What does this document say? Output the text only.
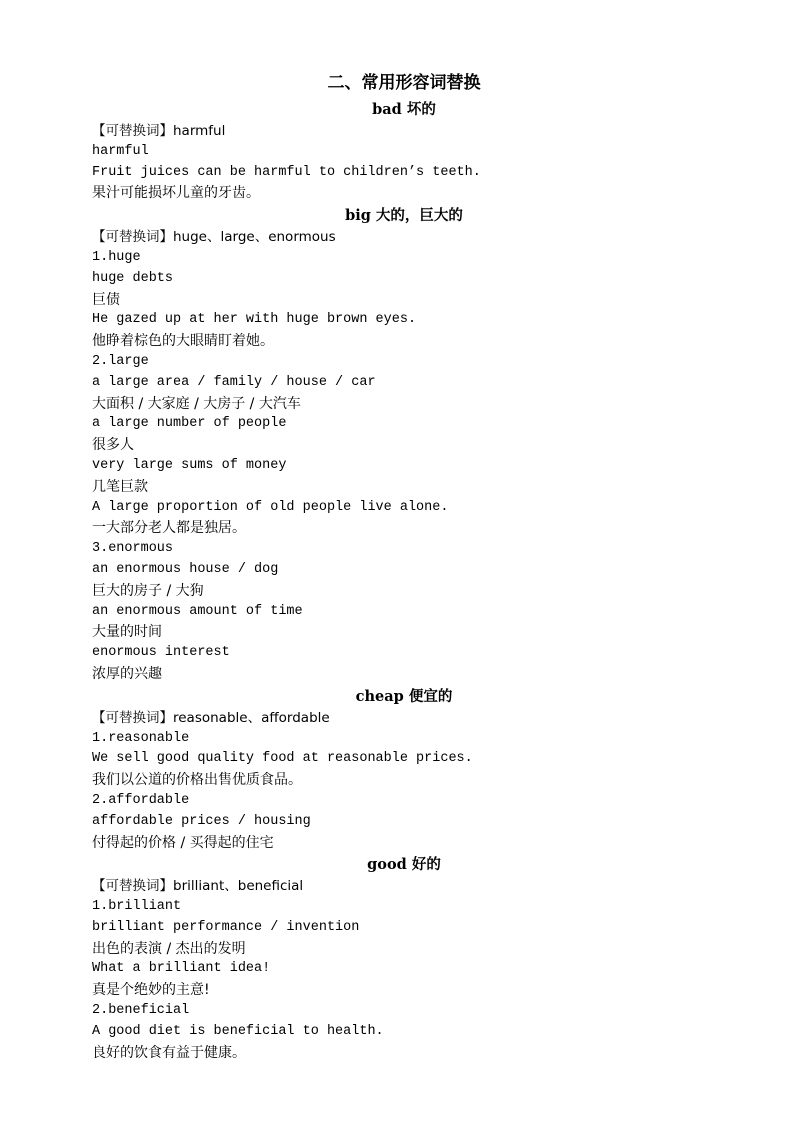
二、常用形容词替换
bad 坏的
【可替换词】harmful
harmful
Fruit juices can be harmful to children’s teeth.
果汁可能损坏儿童的牙齿。
big 大的，巨大的
【可替换词】huge、large、enormous
1.huge
huge debts
巨债
He gazed up at her with huge brown eyes.
他睁着棕色的大眼睛盯着她。
2.large
a large area / family / house / car
大面积 / 大家庭 / 大房子 / 大汽车
a large number of people
很多人
very large sums of money
几笔巨款
A large proportion of old people live alone.
一大部分老人都是独居。
3.enormous
an enormous house / dog
巨大的房子 / 大狗
an enormous amount of time
大量的时间
enormous interest
浓厚的兴趣
cheap 便宜的
【可替换词】reasonable、affordable
1.reasonable
We sell good quality food at reasonable prices.
我们以公道的价格出售优质食品。
2.affordable
affordable prices / housing
付得起的价格 / 买得起的住宅
good 好的
【可替换词】brilliant、beneficial
1.brilliant
brilliant performance / invention
出色的表演 / 杰出的发明
What a brilliant idea!
真是个绝妙的主意!
2.beneficial
A good diet is beneficial to health.
良好的饮食有益于健康。
